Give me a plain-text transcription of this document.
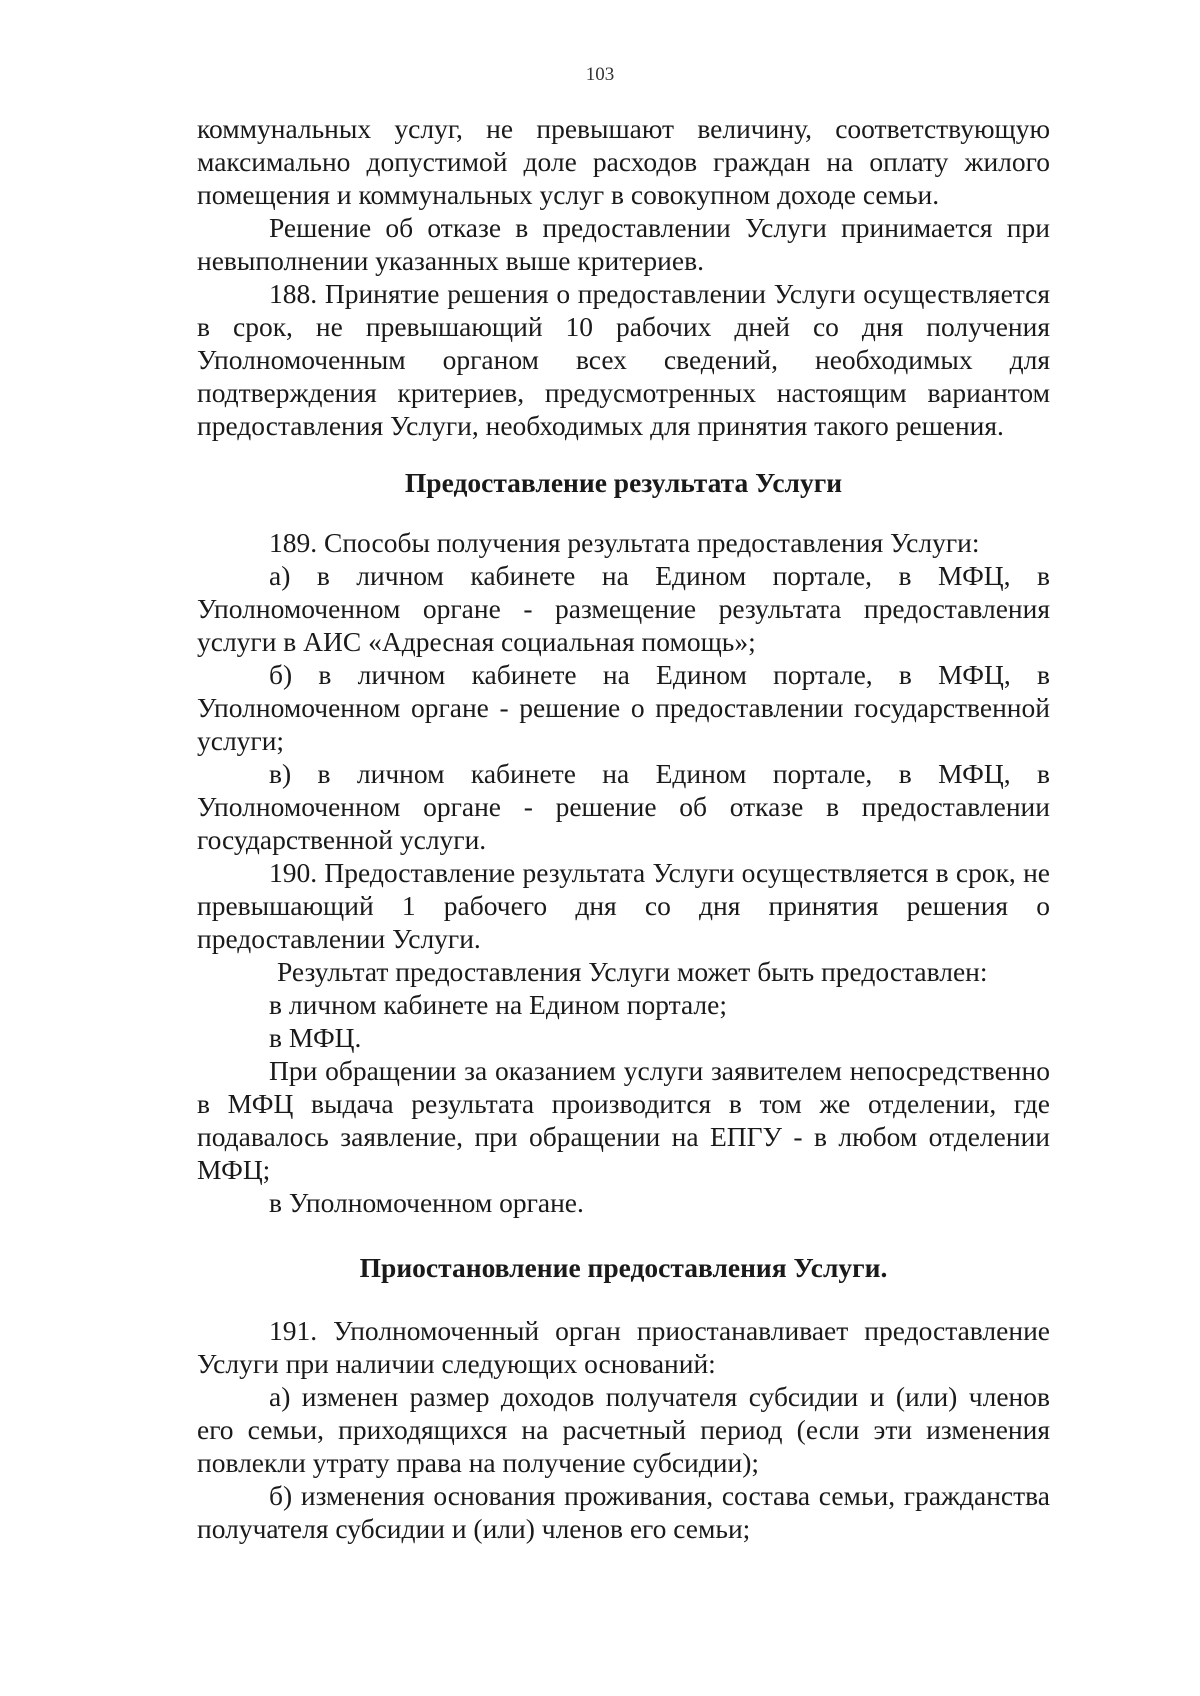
103

коммунальных услуг, не превышают величину, соответствующую максимально допустимой доле расходов граждан на оплату жилого помещения и коммунальных услуг в совокупном доходе семьи.

Решение об отказе в предоставлении Услуги принимается при невыполнении указанных выше критериев.

188. Принятие решения о предоставлении Услуги осуществляется в срок, не превышающий 10 рабочих дней со дня получения Уполномоченным органом всех сведений, необходимых для подтверждения критериев, предусмотренных настоящим вариантом предоставления Услуги, необходимых для принятия такого решения.

Предоставление результата Услуги

189. Способы получения результата предоставления Услуги:

а) в личном кабинете на Едином портале, в МФЦ, в Уполномоченном органе - размещение результата предоставления услуги в АИС «Адресная социальная помощь»;

б) в личном кабинете на Едином портале, в МФЦ, в Уполномоченном органе - решение о предоставлении государственной услуги;

в) в личном кабинете на Едином портале, в МФЦ, в Уполномоченном органе - решение об отказе в предоставлении государственной услуги.

190. Предоставление результата Услуги осуществляется в срок, не превышающий 1 рабочего дня со дня принятия решения о предоставлении Услуги.

Результат предоставления Услуги может быть предоставлен:

в личном кабинете на Едином портале;

в МФЦ.

При обращении за оказанием услуги заявителем непосредственно в МФЦ выдача результата производится в том же отделении, где подавалось заявление, при обращении на ЕПГУ - в любом отделении МФЦ;

в Уполномоченном органе.

Приостановление предоставления Услуги.

191. Уполномоченный орган приостанавливает предоставление Услуги при наличии следующих оснований:

а) изменен размер доходов получателя субсидии и (или) членов его семьи, приходящихся на расчетный период (если эти изменения повлекли утрату права на получение субсидии);

б) изменения основания проживания, состава семьи, гражданства получателя субсидии и (или) членов его семьи;
